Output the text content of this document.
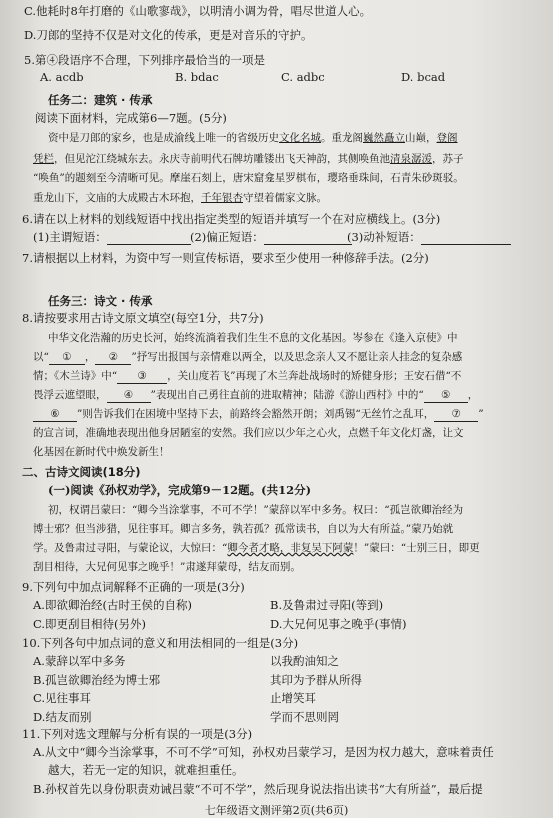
C.他耗时8年打磨的《山歌寥哉》，以明清小调为骨，唱尽世道人心。
D.刀郎的坚持不仅是对文化的传承，更是对音乐的守护。
5.第④段语序不合理，下列排序最恰当的一项是
A. acdb	B. bdac	C. adbc	D. bcad
任务二：建筑 · 传承
阅读下面材料，完成第6—7题。(5分)
资中是刀郎的家乡，也是成渝线上唯一的省级历史文化名城。重龙阁巍然矗立山巅，登阁
凭栏，但见沱江绕城东去。永庆寺前明代石牌坊雕镂出飞天神韵，其侧唤鱼池清泉潺湲，苏子
“唤鱼”的题刻至今清晰可见。摩崖石刻上，唐宋窟龛星罗棋布，璎珞垂珠间，石青朱砂斑驳。
重龙山下，文庙的大成殿古木环抱，千年银杏守望着儒家文脉。
6.请在以上材料的划线短语中找出指定类型的短语并填写一个在对应横线上。(3分)
(1)主谓短语：	(2)偏正短语：	(3)动补短语：
7.请根据以上材料，为资中写一则宣传标语，要求至少使用一种修辞手法。(2分)
任务三：诗文 · 传承
8.请按要求用古诗文原文填空(每空1分，共7分)
中华文化浩瀚的历史长河，始终流淌着我们生生不息的文化基因。岑参在《逢入京使》中
以“ ① ， ② ”抒写出报国与亲情难以两全，以及思念亲人又不愿让亲人挂念的复杂感
情；《木兰诗》中“ ③ ，关山度若飞”再现了木兰奔赴战场时的矫健身形；王安石借“不
畏浮云遮望眼， ④ ”表现出自己勇往直前的进取精神；陆游《游山西村》中的“ ⑤ ，
⑥ ”则告诉我们在困境中坚持下去，前路终会豁然开朗；刘禹锡“无丝竹之乱耳， ⑦ ”
的宣言词，准确地表现出他身居陋室的安然。我们应以少年之心火，点燃千年文化灯盏，让文
化基因在新时代中焕发新生！
二、古诗文阅读(18分)
(一)阅读《孙权劝学》，完成第9－12题。(共12分)
初，权谓吕蒙曰：“卿今当涂掌事，不可不学！”蒙辞以军中多务。权曰：“孤岂欲卿治经为
博士邪？但当涉猎，见往事耳。卿言多务，孰若孤？孤常读书，自以为大有所益。”蒙乃始就
学。及鲁肃过寻阳，与蒙论议，大惊曰：“卿今者才略，非复吴下阿蒙！”蒙曰：“士别三日，即更
刮目相待，大兄何见事之晚乎！”肃遂拜蒙母，结友而别。
9.下列句中加点词解释不正确的一项是(3分)
A.即欲卿治经(古时王侯的自称)	B.及鲁肃过寻阳(等到)
C.即更刮目相待(另外)	D.大兄何见事之晚乎(事情)
10.下列各句中加点词的意义和用法相同的一组是(3分)
A.蒙辞以军中多务	以我酌油知之
B.孤岂欲卿治经为博士邪	其印为予群从所得
C.见往事耳	止增笑耳
D.结友而别	学而不思则罔
11.下列对选文理解与分析有误的一项是(3分)
A.从文中“卿今当涂掌事，不可不学”可知，孙权劝吕蒙学习，是因为权力越大，意味着责任
越大，若无一定的知识，就难担重任。
B.孙权首先以身份职责劝诫吕蒙“不可不学”，然后现身说法指出读书“大有所益”，最后提
七年级语文测评第2页(共6页)
